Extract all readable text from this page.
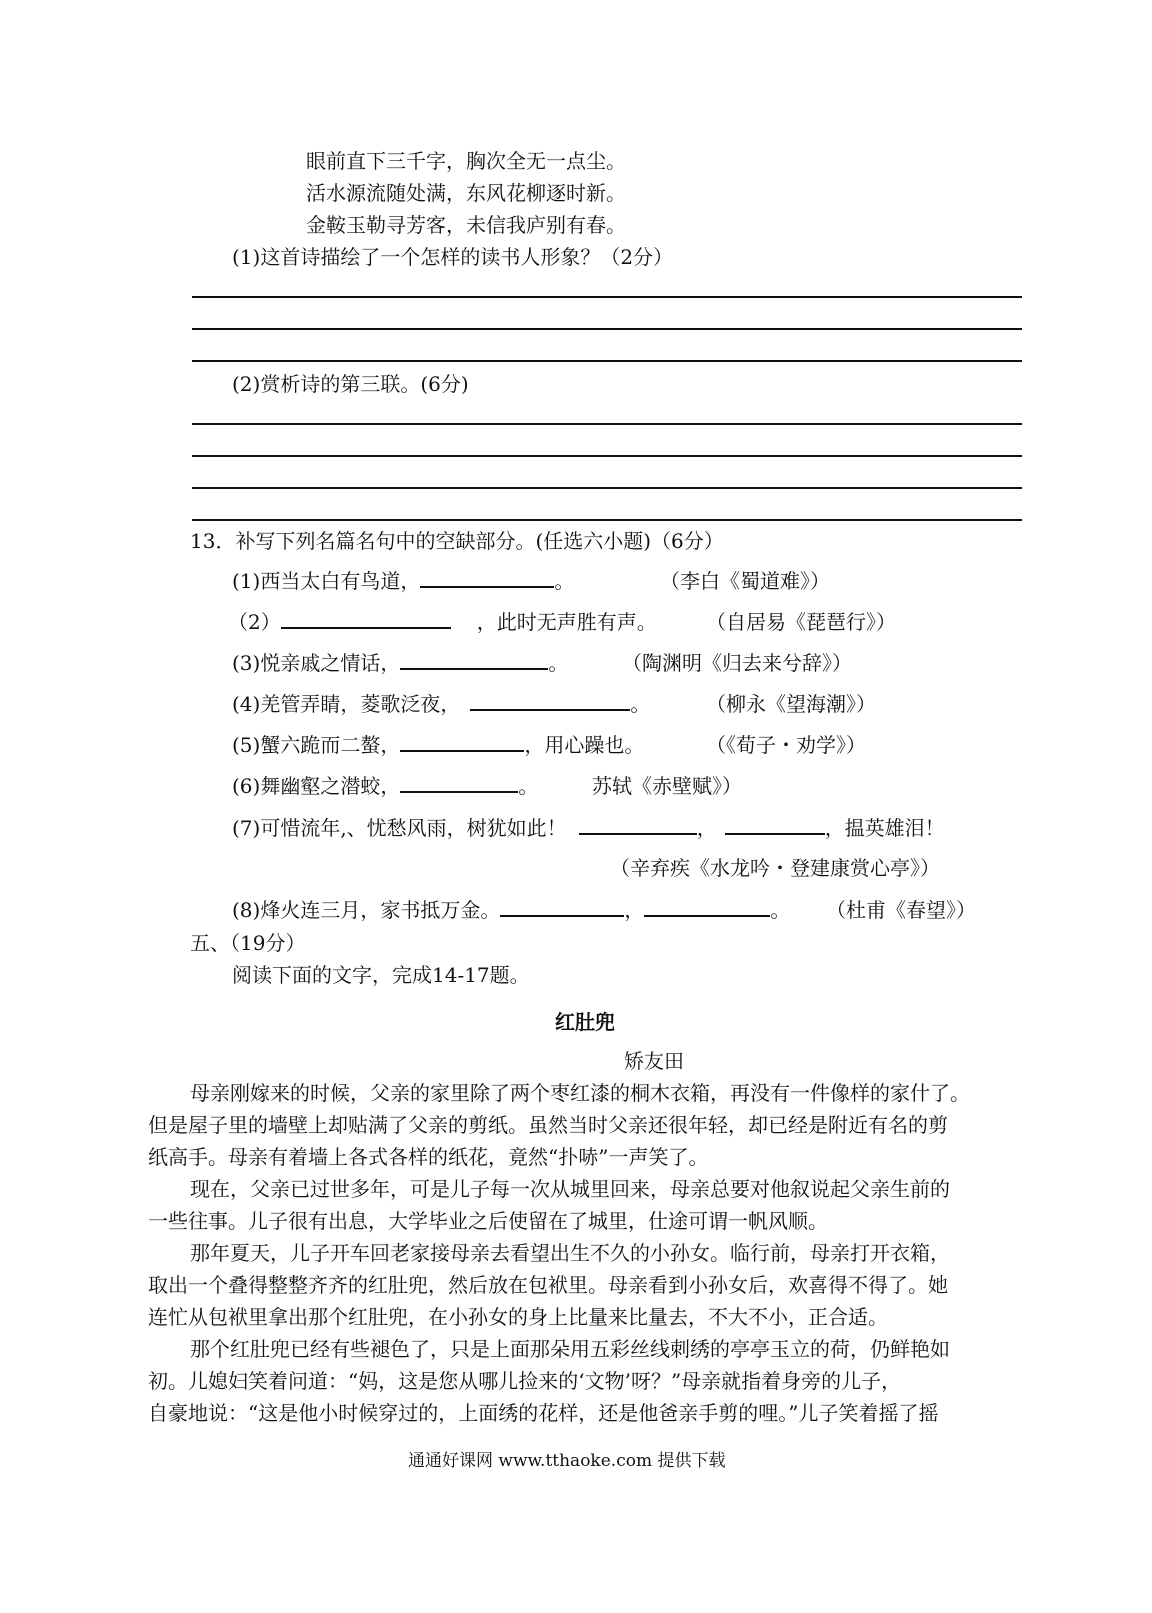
眼前直下三千字，胸次全无一点尘。
活水源流随处满，东风花柳逐时新。
金鞍玉勒寻芳客，未信我庐别有春。
(1)这首诗描绘了一个怎样的读书人形象？（2分）
(2)赏析诗的第三联。(6分)
13．补写下列名篇名句中的空缺部分。(任选六小题)（6分）
(1)西当太白有鸟道，	。	（李白《蜀道难》）
（2）	，此时无声胜有声。 （自居易《琵琶行》）
(3)悦亲戚之情话，	。	（陶渊明《归去来兮辞》）
(4)羌管弄睛，菱歌泛夜，	。	（柳永《望海潮》）
(5)蟹六跪而二螯，	，用心躁也。	（《荀子・劝学》）
(6)舞幽壑之潜蛟，	。	苏轼《赤壁赋》）
(7)可惜流年,、忧愁风雨，树犹如此！	，	，揾英雄泪！
（辛弃疾《水龙吟・登建康赏心亭》）
(8)烽火连三月，家书抵万金。	，	。 （杜甫《春望》）
五、（19分）
阅读下面的文字，完成14-17题。
红肚兜
矫友田
母亲刚嫁来的时候，父亲的家里除了两个枣红漆的桐木衣箱，再没有一件像样的家什了。
但是屋子里的墙壁上却贴满了父亲的剪纸。虽然当时父亲还很年轻，却已经是附近有名的剪
纸高手。母亲有着墙上各式各样的纸花，竟然“扑哧”一声笑了。
现在，父亲已过世多年，可是儿子每一次从城里回来，母亲总要对他叙说起父亲生前的
一些往事。儿子很有出息，大学毕业之后使留在了城里，仕途可谓一帆风顺。
那年夏天，儿子开车回老家接母亲去看望出生不久的小孙女。临行前，母亲打开衣箱，
取出一个叠得整整齐齐的红肚兜，然后放在包袱里。母亲看到小孙女后，欢喜得不得了。她
连忙从包袱里拿出那个红肚兜，在小孙女的身上比量来比量去，不大不小，正合适。
那个红肚兜已经有些褪色了，只是上面那朵用五彩丝线刺绣的亭亭玉立的荷，仍鲜艳如
初。儿媳妇笑着问道：“妈，这是您从哪儿捡来的‘文物’呀？”母亲就指着身旁的儿子，
自豪地说：“这是他小时候穿过的，上面绣的花样，还是他爸亲手剪的哩。”儿子笑着摇了摇
通通好课网 www.tthaoke.com 提供下载
